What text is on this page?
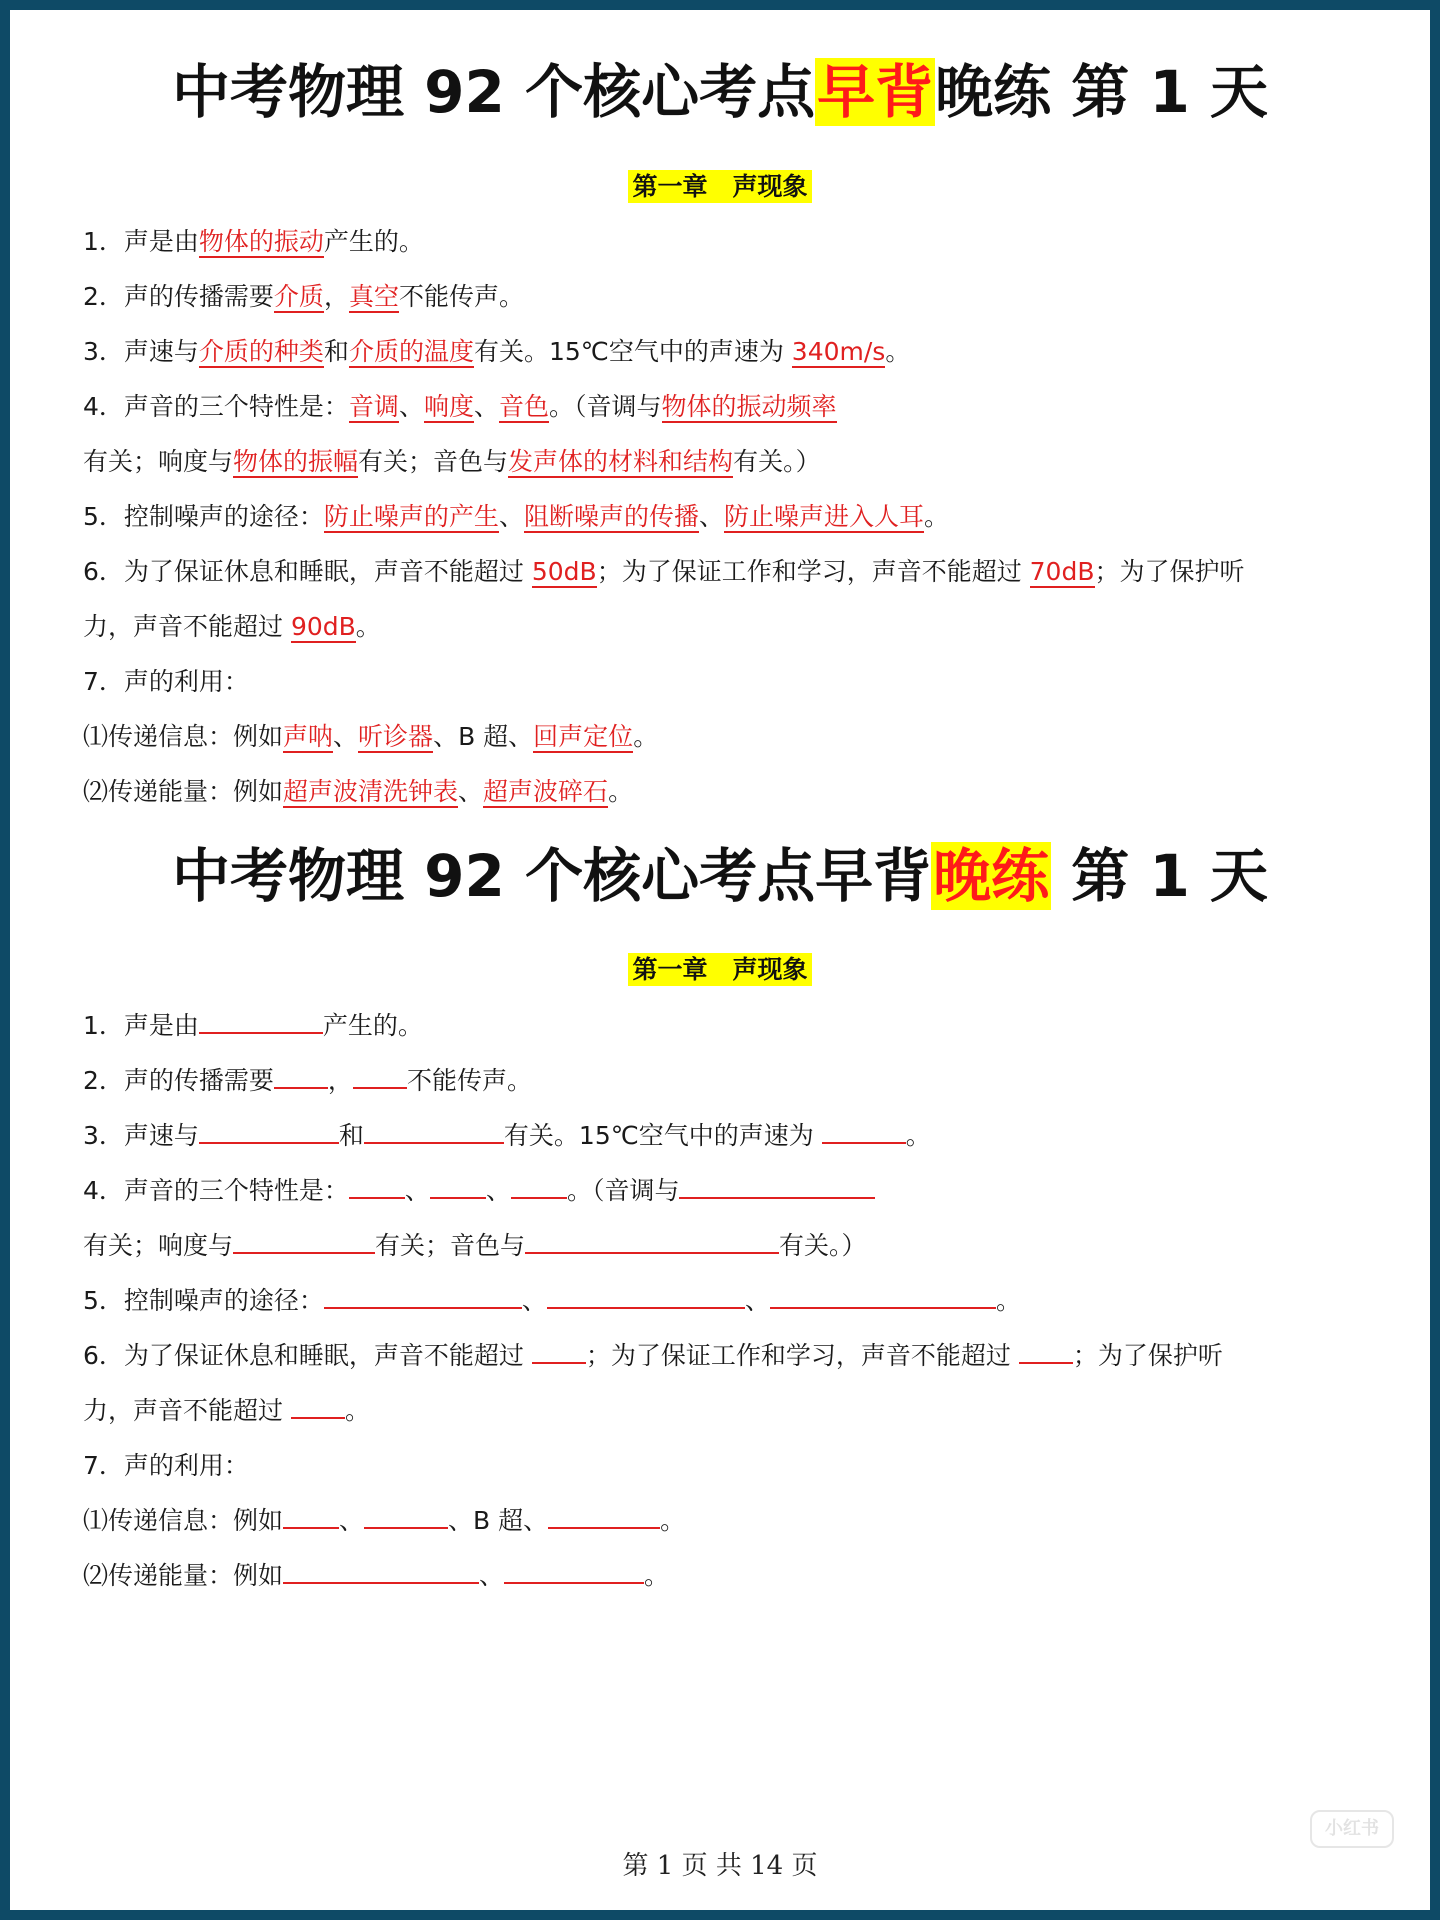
中考物理 92 个核心考点早背晚练 第 1 天
第一章　声现象
1．声是由物体的振动产生的。
2．声的传播需要介质，真空不能传声。
3．声速与介质的种类和介质的温度有关。15℃空气中的声速为 340m/s。
4．声音的三个特性是：音调、响度、音色。（音调与物体的振动频率
有关；响度与物体的振幅有关；音色与发声体的材料和结构有关。）
5．控制噪声的途径：防止噪声的产生、阻断噪声的传播、防止噪声进入人耳。
6．为了保证休息和睡眠，声音不能超过 50dB；为了保证工作和学习，声音不能超过 70dB；为了保护听
力，声音不能超过 90dB。
7．声的利用：
⑴传递信息：例如声呐、听诊器、B 超、回声定位。
⑵传递能量：例如超声波清洗钟表、超声波碎石。
中考物理 92 个核心考点早背晚练 第 1 天
第一章　声现象
1．声是由	产生的。
2．声的传播需要 ， 不能传声。
3．声速与	和	有关。15℃空气中的声速为	。
4．声音的三个特性是： 、 、 。（音调与
有关；响度与	有关；音色与	有关。）
5．控制噪声的途径：	、	、	。
6．为了保证休息和睡眠，声音不能超过 ；为了保证工作和学习，声音不能超过 ；为了保护听
力，声音不能超过 。
7．声的利用：
⑴传递信息：例如 、	、B 超、	。
⑵传递能量：例如	、	。
第 1 页 共 14 页
小红书
